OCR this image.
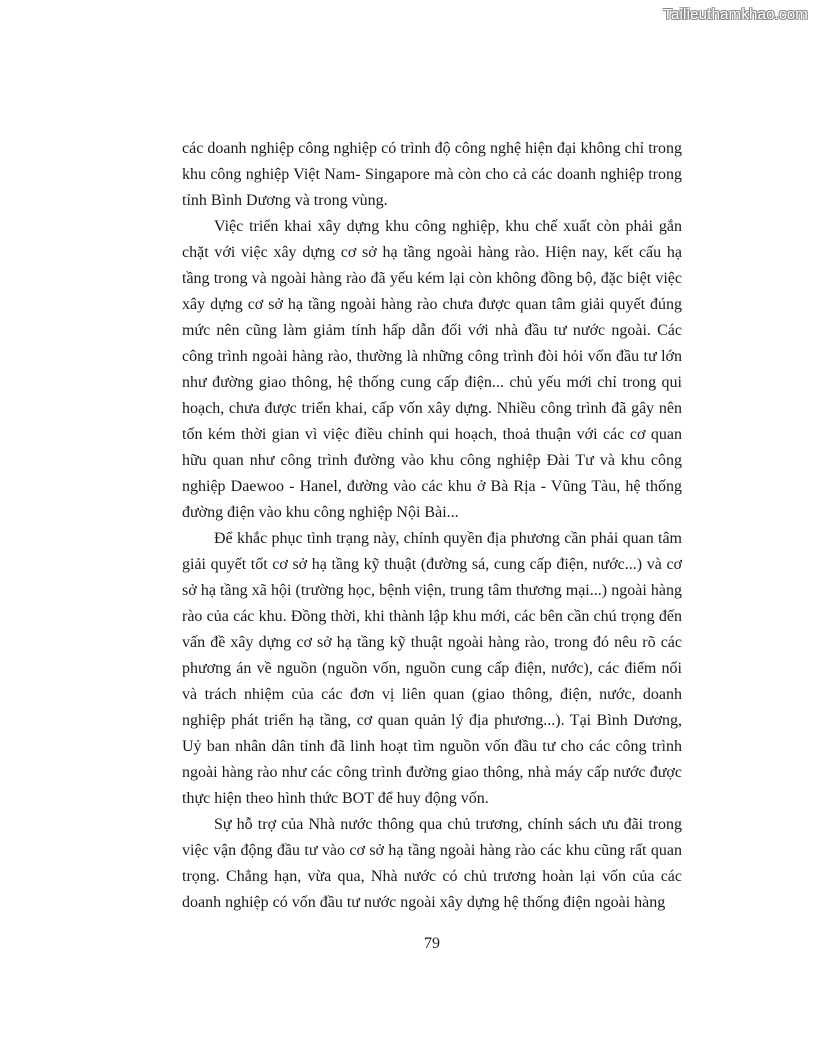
Tailieuthamkhao.com

các doanh nghiệp công nghiệp có trình độ công nghệ hiện đại không chỉ trong khu công nghiệp Việt Nam- Singapore mà còn cho cả các doanh nghiệp trong tỉnh Bình Dương và trong vùng.

Việc triển khai xây dựng khu công nghiệp, khu chế xuất còn phải gắn chặt với việc xây dựng cơ sở hạ tầng ngoài hàng rào. Hiện nay, kết cấu hạ tầng trong và ngoài hàng rào đã yếu kém lại còn không đồng bộ, đặc biệt việc xây dựng cơ sở hạ tầng ngoài hàng rào chưa được quan tâm giải quyết đúng mức nên cũng làm giảm tính hấp dẫn đối với nhà đầu tư nước ngoài. Các công trình ngoài hàng rào, thường là những công trình đòi hỏi vốn đầu tư lớn như đường giao thông, hệ thống cung cấp điện... chủ yếu mới chỉ trong qui hoạch, chưa được triển khai, cấp vốn xây dựng. Nhiều công trình đã gây nên tốn kém thời gian vì việc điều chỉnh qui hoạch, thoả thuận với các cơ quan hữu quan như công trình đường vào khu công nghiệp Đài Tư và khu công nghiệp Daewoo - Hanel, đường vào các khu ở Bà Rịa - Vũng Tàu, hệ thống đường điện vào khu công nghiệp Nội Bài...

Để khắc phục tình trạng này, chính quyền địa phương cần phải quan tâm giải quyết tốt cơ sở hạ tầng kỹ thuật (đường sá, cung cấp điện, nước...) và cơ sở hạ tầng xã hội (trường học, bệnh viện, trung tâm thương mại...) ngoài hàng rào của các khu. Đồng thời, khi thành lập khu mới, các bên cần chú trọng đến vấn đề xây dựng cơ sở hạ tầng kỹ thuật ngoài hàng rào, trong đó nêu rõ các phương án về nguồn (nguồn vốn, nguồn cung cấp điện, nước), các điểm nối và trách nhiệm của các đơn vị liên quan (giao thông, điện, nước, doanh nghiệp phát triển hạ tầng, cơ quan quản lý địa phương...). Tại Bình Dương, Uỷ ban nhân dân tỉnh đã linh hoạt tìm nguồn vốn đầu tư cho các công trình ngoài hàng rào như các công trình đường giao thông, nhà máy cấp nước được thực hiện theo hình thức BOT để huy động vốn.

Sự hỗ trợ của Nhà nước thông qua chủ trương, chính sách ưu đãi trong việc vận động đầu tư vào cơ sở hạ tầng ngoài hàng rào các khu cũng rất quan trọng. Chẳng hạn, vừa qua, Nhà nước có chủ trương hoàn lại vốn của các doanh nghiệp có vốn đầu tư nước ngoài xây dựng hệ thống điện ngoài hàng

79
